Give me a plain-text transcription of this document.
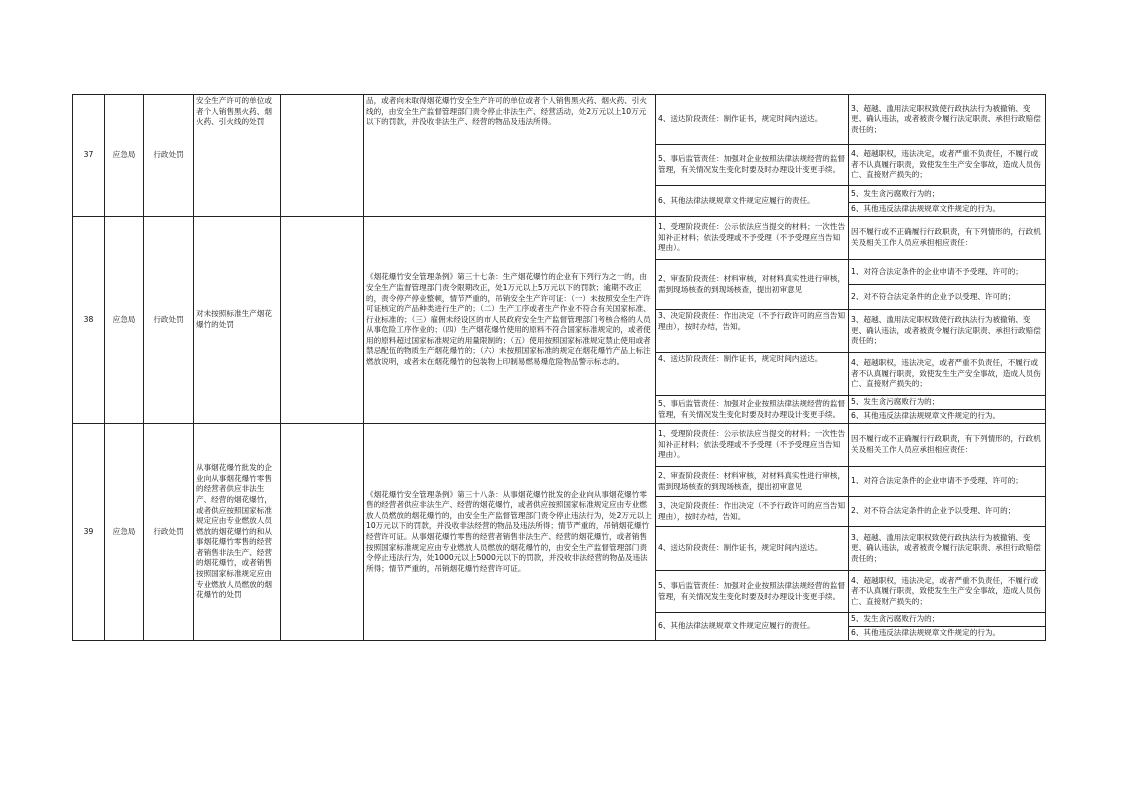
37	应急局	行政处罚	安全生产许可的单位或者个人销售黑火药、烟火药、引火线的处罚		品，或者向未取得烟花爆竹安全生产许可的单位或者个人销售黑火药、烟火药、引火线的，由安全生产监督管理部门责令停止非法生产、经营活动，处2万元以上10万元以下的罚款，并没收非法生产、经营的物品及违法所得。	4、送达阶段责任：制作证书，规定时间内送达。	3、超越、滥用法定职权致使行政执法行为被撤销、变更、确认违法，或者被责令履行法定职责、承担行政赔偿责任的；
						5、事后监管责任：加强对企业按照法律法规经营的监督管理，有关情况发生变化时要及时办理设计变更手续。	4、超越职权，违法决定，或者严重不负责任，不履行或者不认真履行职责，致使发生生产安全事故，造成人员伤亡、直接财产损失的；
						6、其他法律法规规章文件规定应履行的责任。	5、发生贪污腐败行为的；
							6、其他违反法律法规规章文件规定的行为。
38	应急局	行政处罚	对未按照标准生产烟花爆竹的处罚		《烟花爆竹安全管理条例》第三十七条：生产烟花爆竹的企业有下列行为之一的，由安全生产监督管理部门责令限期改正，处1万元以上5万元以下的罚款；逾期不改正的，责令停产停业整顿，情节严重的，吊销安全生产许可证：（一）未按照安全生产许可证核定的产品种类进行生产的；（二）生产工序或者生产作业不符合有关国家标准、行业标准的；（三）雇佣未经设区的市人民政府安全生产监督管理部门考核合格的人员从事危险工序作业的；（四）生产烟花爆竹使用的原料不符合国家标准规定的，或者使用的原料超过国家标准规定的用量限制的；（五）使用按照国家标准规定禁止使用或者禁忌配伍的物质生产烟花爆竹的；（六）未按照国家标准的规定在烟花爆竹产品上标注燃放说明，或者未在烟花爆竹的包装物上印制易燃易爆危险物品警示标志的。	1、受理阶段责任：公示依法应当提交的材料；一次性告知补正材料；依法受理或不予受理（不予受理应当告知理由）。	因不履行或不正确履行行政职责，有下列情形的，行政机关及相关工作人员应承担相应责任：
						2、审查阶段责任：材料审核，对材料真实性进行审核，需到现场核查的到现场核查，提出初审意见	1、对符合法定条件的企业申请不予受理、许可的；
							2、对不符合法定条件的企业予以受理、许可的；
						3、决定阶段责任：作出决定（不予行政许可的应当告知理由），按时办结，告知。	3、超越、滥用法定职权致使行政执法行为被撤销、变更、确认违法，或者被责令履行法定职责、承担行政赔偿责任的；
						4、送达阶段责任：制作证书，规定时间内送达。	4、超越职权，违法决定，或者严重不负责任，不履行或者不认真履行职责，致使发生生产安全事故，造成人员伤亡、直接财产损失的；
						5、事后监管责任：加强对企业按照法律法规经营的监督管理，有关情况发生变化时要及时办理设计变更手续。	5、发生贪污腐败行为的；
							6、其他违反法律法规规章文件规定的行为。
39	应急局	行政处罚	从事烟花爆竹批发的企业向从事烟花爆竹零售的经营者供应非法生产、经营的烟花爆竹，或者供应按照国家标准规定应由专业燃放人员燃放的烟花爆竹的和从事烟花爆竹零售的经营者销售非法生产、经营的烟花爆竹，或者销售按照国家标准规定应由专业燃放人员燃放的烟花爆竹的处罚		《烟花爆竹安全管理条例》第三十八条：从事烟花爆竹批发的企业向从事烟花爆竹零售的经营者供应非法生产、经营的烟花爆竹，或者供应按照国家标准规定应由专业燃放人员燃放的烟花爆竹的，由安全生产监督管理部门责令停止违法行为，处2万元以上10万元以下的罚款，并没收非法经营的物品及违法所得；情节严重的，吊销烟花爆竹经营许可证。从事烟花爆竹零售的经营者销售非法生产、经营的烟花爆竹，或者销售按照国家标准规定应由专业燃放人员燃放的烟花爆竹的，由安全生产监督管理部门责令停止违法行为，处1000元以上5000元以下的罚款，并没收非法经营的物品及违法所得；情节严重的，吊销烟花爆竹经营许可证。	1、受理阶段责任：公示依法应当提交的材料；一次性告知补正材料；依法受理或不予受理（不予受理应当告知理由）。	因不履行或不正确履行行政职责，有下列情形的，行政机关及相关工作人员应承担相应责任：
						2、审查阶段责任：材料审核，对材料真实性进行审核，需到现场核查的到现场核查，提出初审意见	1、对符合法定条件的企业申请不予受理、许可的；
						3、决定阶段责任：作出决定（不予行政许可的应当告知理由），按时办结，告知。	2、对不符合法定条件的企业予以受理、许可的；
						4、送达阶段责任：制作证书，规定时间内送达。	3、超越、滥用法定职权致使行政执法行为被撤销、变更、确认违法，或者被责令履行法定职责、承担行政赔偿责任的；
						5、事后监管责任：加强对企业按照法律法规经营的监督管理，有关情况发生变化时要及时办理设计变更手续。	4、超越职权，违法决定，或者严重不负责任，不履行或者不认真履行职责，致使发生生产安全事故，造成人员伤亡、直接财产损失的；
						6、其他法律法规规章文件规定应履行的责任。	5、发生贪污腐败行为的；
							6、其他违反法律法规规章文件规定的行为。
